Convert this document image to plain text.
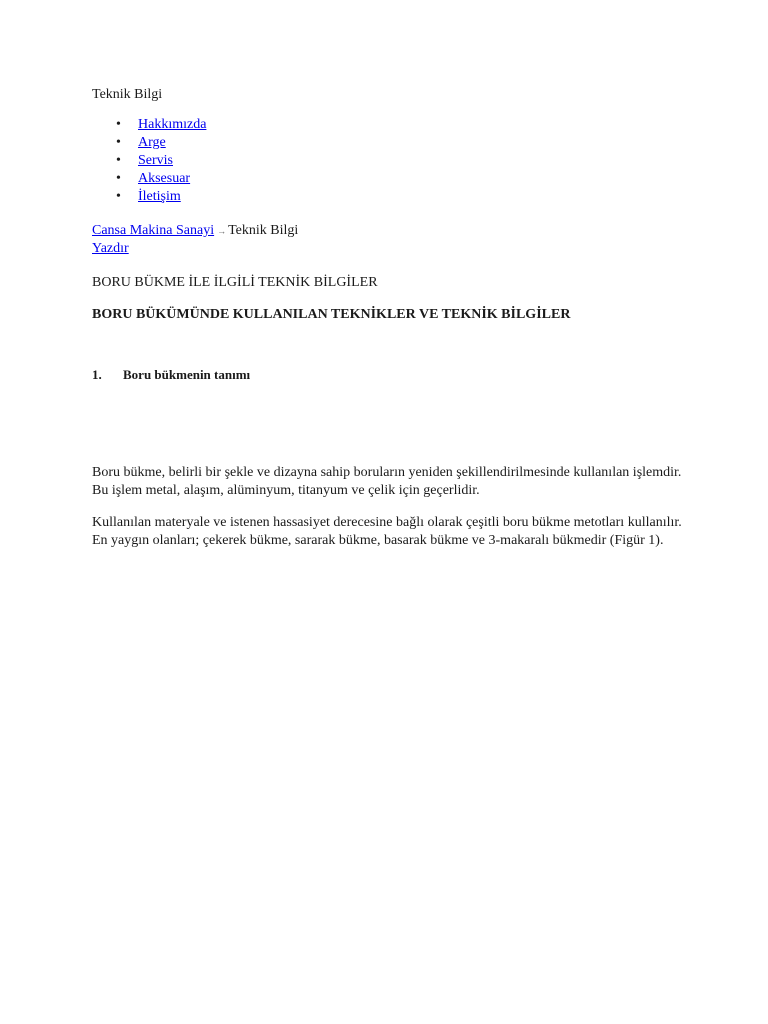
Teknik Bilgi
• Hakkımızda
• Arge
• Servis
• Aksesuar
• İletişim
Cansa Makina Sanayi → Teknik Bilgi
Yazdır
BORU BÜKME İLE İLGİLİ TEKNİK BİLGİLER
BORU BÜKÜMÜNDE KULLANILAN TEKNİKLER VE TEKNİK BİLGİLER
1. Boru bükmenin tanımı

Boru bükme, belirli bir şekle ve dizayna sahip boruların yeniden şekillendirilmesinde kullanılan işlemdir. Bu işlem metal, alaşım, alüminyum, titanyum ve çelik için geçerlidir.

Kullanılan materyale ve istenen hassasiyet derecesine bağlı olarak çeşitli boru bükme metotları kullanılır. En yaygın olanları; çekerek bükme, sararak bükme, basarak bükme ve 3-makaralı bükmedir (Figür 1).
